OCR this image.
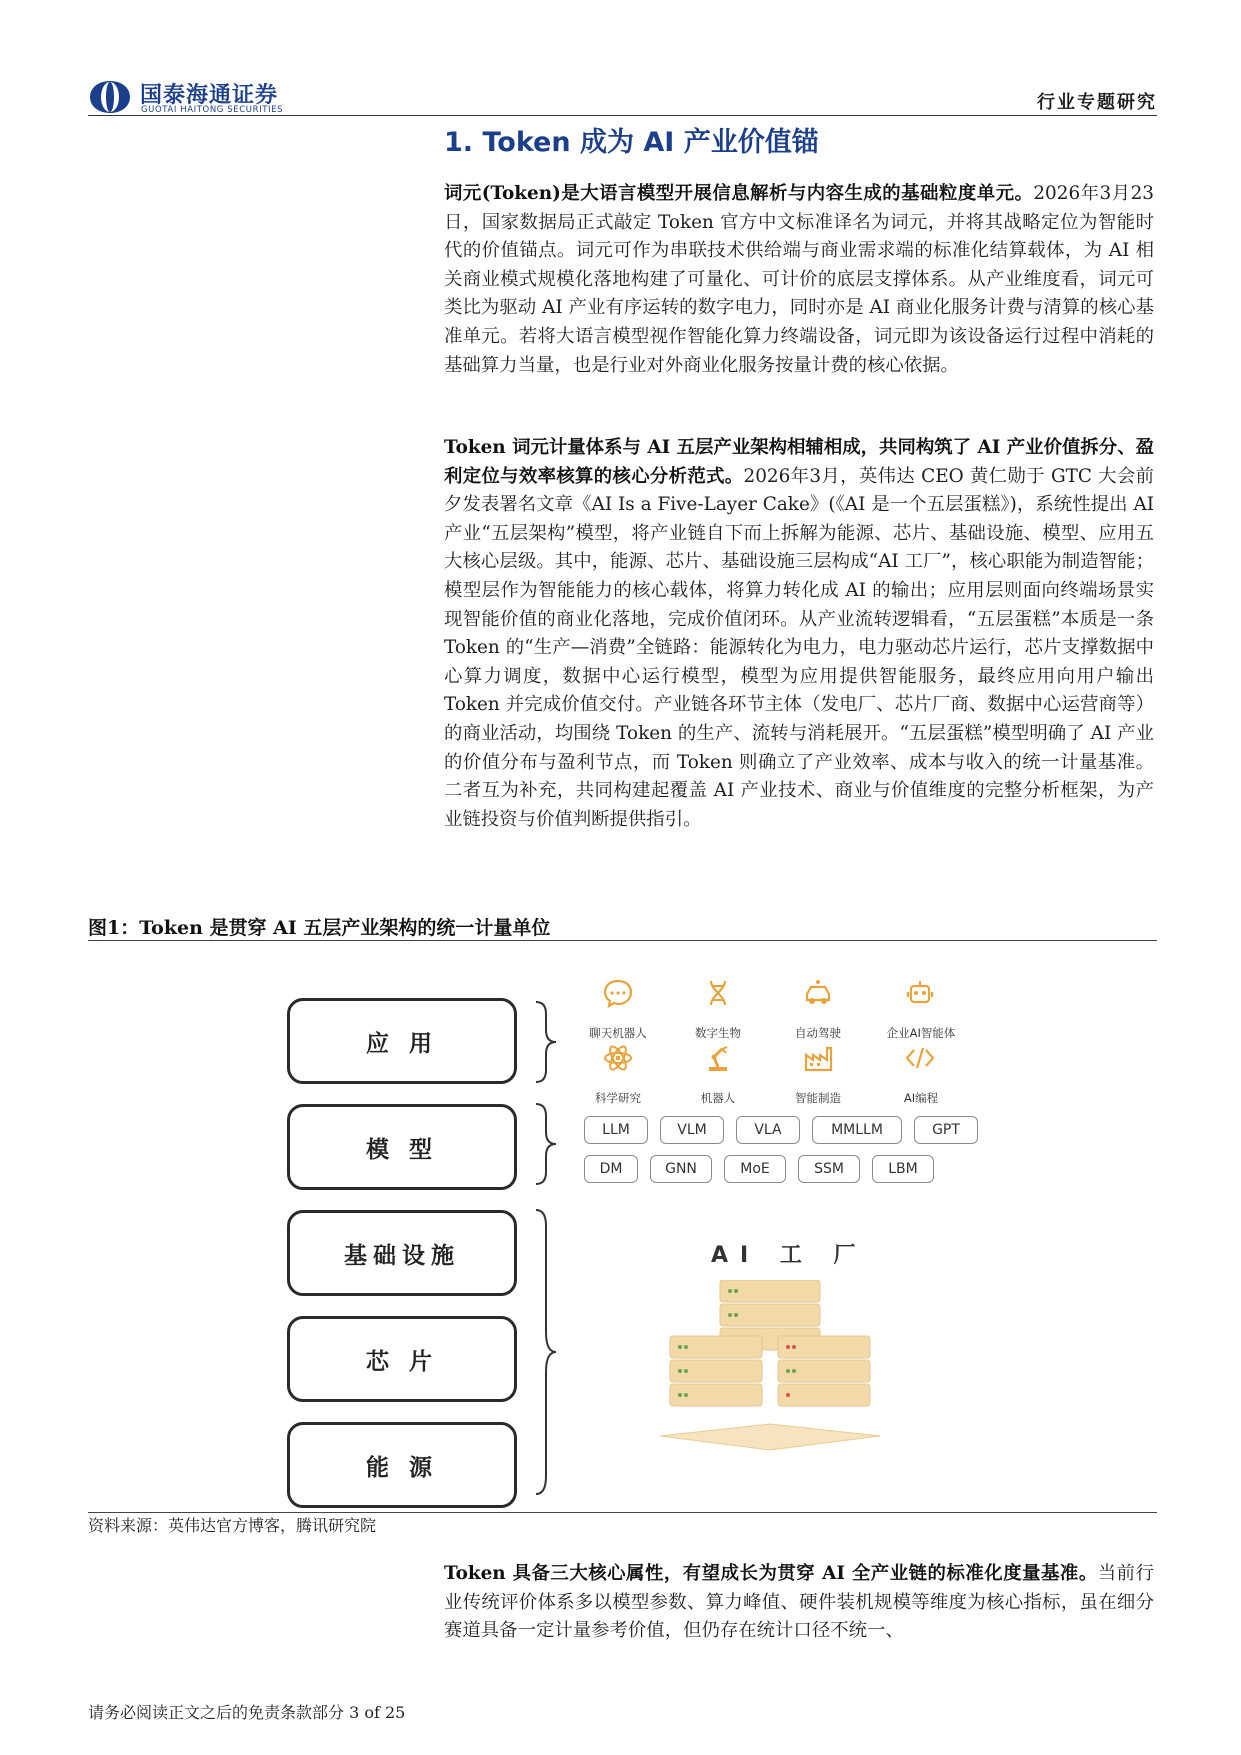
国泰海通证券
GUOTAI HAITONG SECURITIES	行业专题研究
1. Token 成为 AI 产业价值锚
词元(Token)是大语言模型开展信息解析与内容生成的基础粒度单元。2026年3月23日，国家数据局正式敲定 Token 官方中文标准译名为词元，并将其战略定位为智能时代的价值锚点。词元可作为串联技术供给端与商业需求端的标准化结算载体，为 AI 相关商业模式规模化落地构建了可量化、可计价的底层支撑体系。从产业维度看，词元可类比为驱动 AI 产业有序运转的数字电力，同时亦是 AI 商业化服务计费与清算的核心基准单元。若将大语言模型视作智能化算力终端设备，词元即为该设备运行过程中消耗的基础算力当量，也是行业对外商业化服务按量计费的核心依据。
Token 词元计量体系与 AI 五层产业架构相辅相成，共同构筑了 AI 产业价值拆分、盈利定位与效率核算的核心分析范式。2026年3月，英伟达 CEO 黄仁勋于 GTC 大会前夕发表署名文章《AI Is a Five-Layer Cake》(《AI 是一个五层蛋糕》)，系统性提出 AI 产业“五层架构”模型，将产业链自下而上拆解为能源、芯片、基础设施、模型、应用五大核心层级。其中，能源、芯片、基础设施三层构成“AI 工厂”，核心职能为制造智能；模型层作为智能能力的核心载体，将算力转化成 AI 的输出；应用层则面向终端场景实现智能价值的商业化落地，完成价值闭环。从产业流转逻辑看，“五层蛋糕”本质是一条 Token 的“生产—消费”全链路：能源转化为电力，电力驱动芯片运行，芯片支撑数据中心算力调度，数据中心运行模型，模型为应用提供智能服务，最终应用向用户输出 Token 并完成价值交付。产业链各环节主体（发电厂、芯片厂商、数据中心运营商等）的商业活动，均围绕 Token 的生产、流转与消耗展开。“五层蛋糕”模型明确了 AI 产业的价值分布与盈利节点，而 Token 则确立了产业效率、成本与收入的统一计量基准。二者互为补充，共同构建起覆盖 AI 产业技术、商业与价值维度的完整分析框架，为产业链投资与价值判断提供指引。
图1：Token 是贯穿 AI 五层产业架构的统一计量单位
应 用
模 型
基础设施
芯 片
能 源
聊天机器人	数字生物	自动驾驶	企业AI智能体
科学研究	机器人	智能制造	AI编程
LLM	VLM	VLA	MMLLM	GPT
DM	GNN	MoE	SSM	LBM
AI 工 厂
资料来源：英伟达官方博客，腾讯研究院
Token 具备三大核心属性，有望成长为贯穿 AI 全产业链的标准化度量基准。当前行业传统评价体系多以模型参数、算力峰值、硬件装机规模等维度为核心指标，虽在细分赛道具备一定计量参考价值，但仍存在统计口径不统一、
请务必阅读正文之后的免责条款部分 3 of 25
